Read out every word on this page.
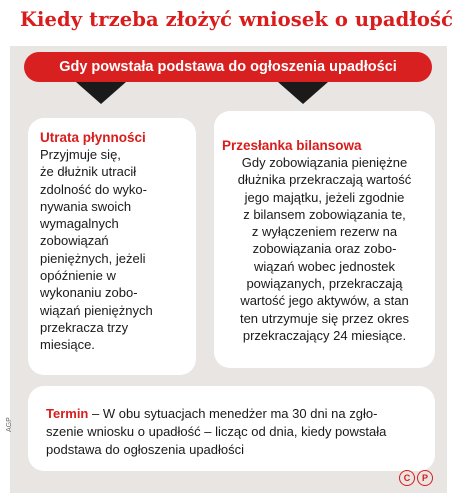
Kiedy trzeba złożyć wniosek o upadłość
Gdy powstała podstawa do ogłoszenia upadłości
Utrata płynności
Przyjmuje się,
że dłużnik utracił
zdolność do wyko-
nywania swoich
wymagalnych
zobowiązań
pieniężnych, jeżeli
opóźnienie w
wykonaniu zobo-
wiązań pieniężnych
przekracza trzy
miesiące.
Przesłanka bilansowa
Gdy zobowiązania pieniężne
dłużnika przekraczają wartość
jego majątku, jeżeli zgodnie
z bilansem zobowiązania te,
z wyłączeniem rezerw na
zobowiązania oraz zobo-
wiązań wobec jednostek
powiązanych, przekraczają
wartość jego aktywów, a stan
ten utrzymuje się przez okres
przekraczający 24 miesiące.
Termin – W obu sytuacjach menedżer ma 30 dni na zgło-
szenie wniosku o upadłość – licząc od dnia, kiedy powstała
podstawa do ogłoszenia upadłości
AGP
C	P
